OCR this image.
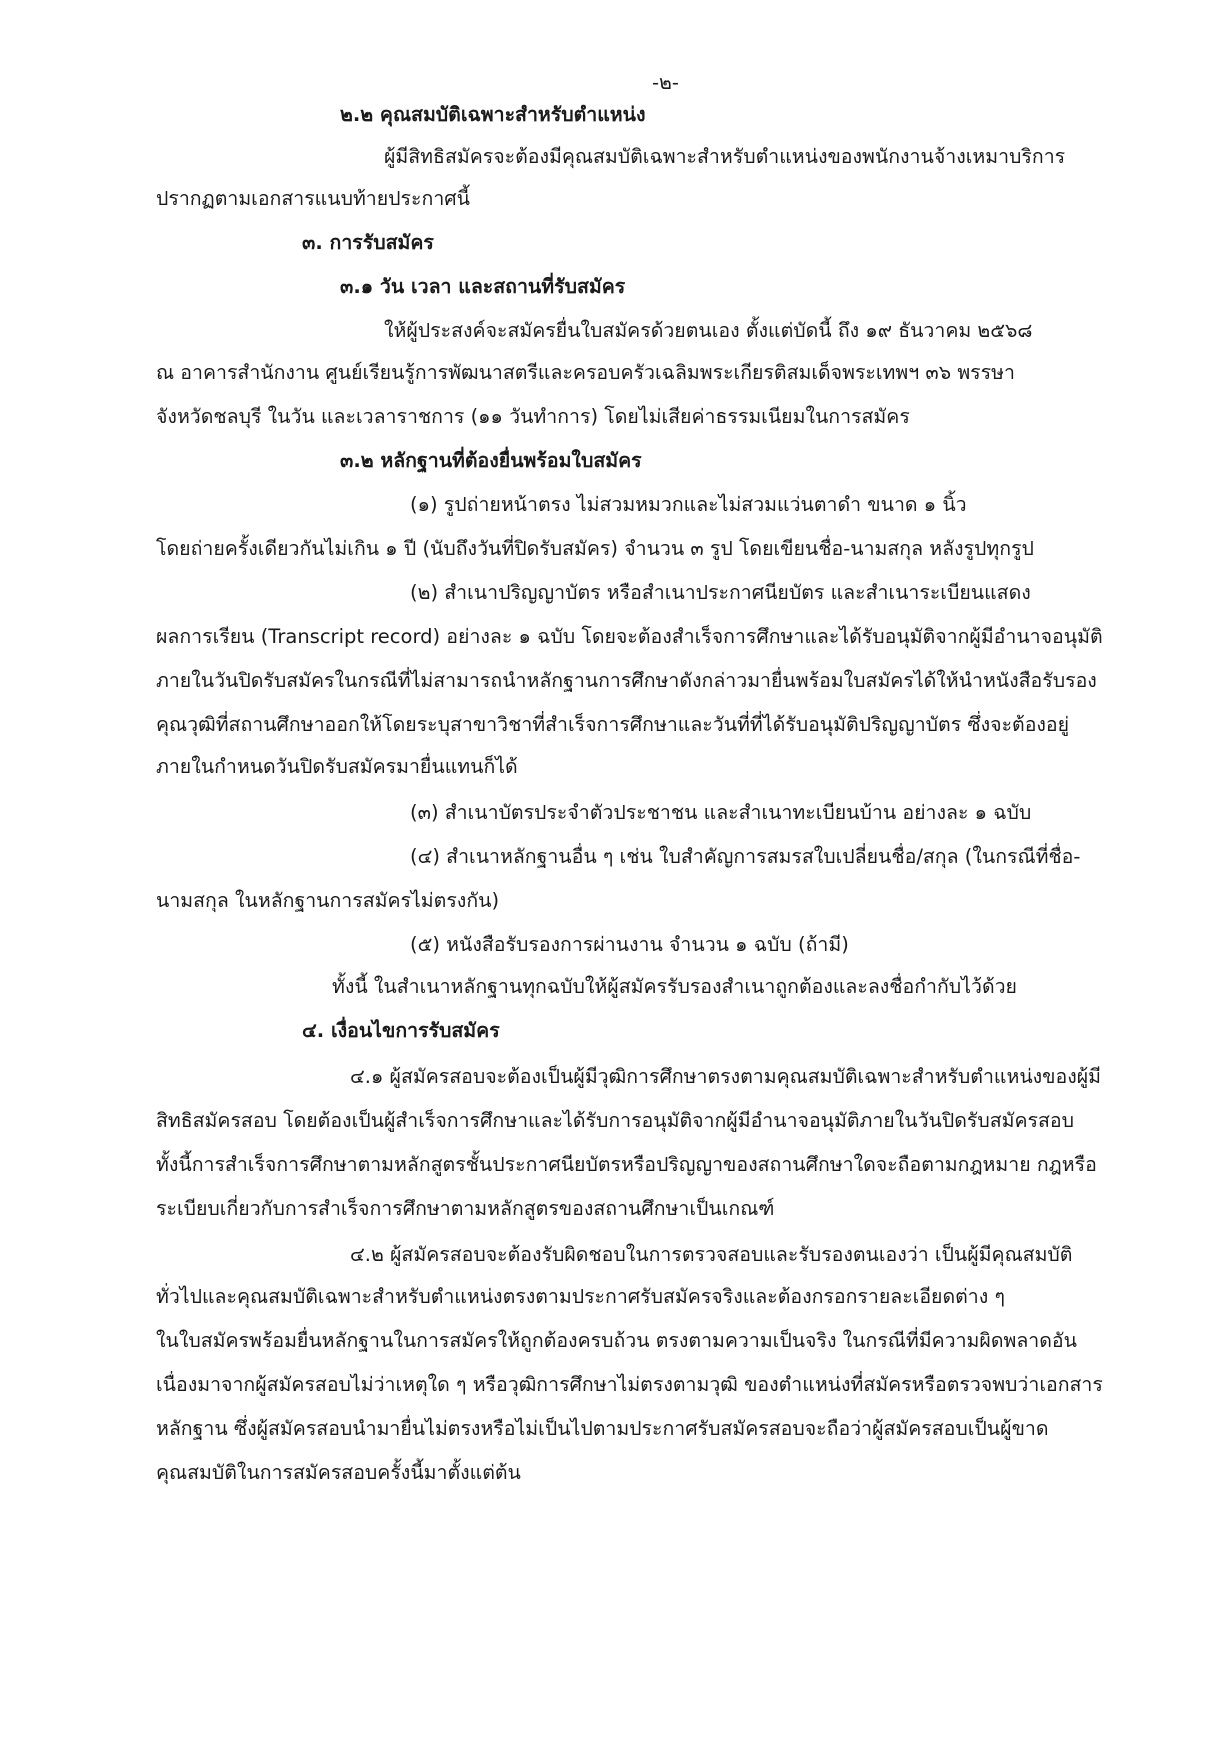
-๒-
๒.๒ คุณสมบัติเฉพาะสำหรับตำแหน่ง
ผู้มีสิทธิสมัครจะต้องมีคุณสมบัติเฉพาะสำหรับตำแหน่งของพนักงานจ้างเหมาบริการ
ปรากฏตามเอกสารแนบท้ายประกาศนี้
๓. การรับสมัคร
๓.๑ วัน เวลา และสถานที่รับสมัคร
ให้ผู้ประสงค์จะสมัครยื่นใบสมัครด้วยตนเอง ตั้งแต่บัดนี้ ถึง ๑๙ ธันวาคม ๒๕๖๘
ณ อาคารสำนักงาน ศูนย์เรียนรู้การพัฒนาสตรีและครอบครัวเฉลิมพระเกียรติสมเด็จพระเทพฯ ๓๖ พรรษา
จังหวัดชลบุรี ในวัน และเวลาราชการ (๑๑ วันทำการ) โดยไม่เสียค่าธรรมเนียมในการสมัคร
๓.๒ หลักฐานที่ต้องยื่นพร้อมใบสมัคร
(๑) รูปถ่ายหน้าตรง ไม่สวมหมวกและไม่สวมแว่นตาดำ ขนาด ๑ นิ้ว
โดยถ่ายครั้งเดียวกันไม่เกิน ๑ ปี (นับถึงวันที่ปิดรับสมัคร) จำนวน ๓ รูป โดยเขียนชื่อ-นามสกุล หลังรูปทุกรูป
(๒) สำเนาปริญญาบัตร หรือสำเนาประกาศนียบัตร และสำเนาระเบียนแสดง
ผลการเรียน (Transcript record) อย่างละ ๑ ฉบับ โดยจะต้องสำเร็จการศึกษาและได้รับอนุมัติจากผู้มีอำนาจอนุมัติ
ภายในวันปิดรับสมัครในกรณีที่ไม่สามารถนำหลักฐานการศึกษาดังกล่าวมายื่นพร้อมใบสมัครได้ให้นำหนังสือรับรอง
คุณวุฒิที่สถานศึกษาออกให้โดยระบุสาขาวิชาที่สำเร็จการศึกษาและวันที่ที่ได้รับอนุมัติปริญญาบัตร ซึ่งจะต้องอยู่
ภายในกำหนดวันปิดรับสมัครมายื่นแทนก็ได้
(๓) สำเนาบัตรประจำตัวประชาชน และสำเนาทะเบียนบ้าน อย่างละ ๑ ฉบับ
(๔) สำเนาหลักฐานอื่น ๆ เช่น ใบสำคัญการสมรสใบเปลี่ยนชื่อ/สกุล (ในกรณีที่ชื่อ-
นามสกุล ในหลักฐานการสมัครไม่ตรงกัน)
(๕) หนังสือรับรองการผ่านงาน จำนวน ๑ ฉบับ (ถ้ามี)
ทั้งนี้ ในสำเนาหลักฐานทุกฉบับให้ผู้สมัครรับรองสำเนาถูกต้องและลงชื่อกำกับไว้ด้วย
๔. เงื่อนไขการรับสมัคร
๔.๑ ผู้สมัครสอบจะต้องเป็นผู้มีวุฒิการศึกษาตรงตามคุณสมบัติเฉพาะสำหรับตำแหน่งของผู้มี
สิทธิสมัครสอบ โดยต้องเป็นผู้สำเร็จการศึกษาและได้รับการอนุมัติจากผู้มีอำนาจอนุมัติภายในวันปิดรับสมัครสอบ
ทั้งนี้การสำเร็จการศึกษาตามหลักสูตรชั้นประกาศนียบัตรหรือปริญญาของสถานศึกษาใดจะถือตามกฎหมาย กฎหรือ
ระเบียบเกี่ยวกับการสำเร็จการศึกษาตามหลักสูตรของสถานศึกษาเป็นเกณฑ์
๔.๒ ผู้สมัครสอบจะต้องรับผิดชอบในการตรวจสอบและรับรองตนเองว่า เป็นผู้มีคุณสมบัติ
ทั่วไปและคุณสมบัติเฉพาะสำหรับตำแหน่งตรงตามประกาศรับสมัครจริงและต้องกรอกรายละเอียดต่าง ๆ
ในใบสมัครพร้อมยื่นหลักฐานในการสมัครให้ถูกต้องครบถ้วน ตรงตามความเป็นจริง ในกรณีที่มีความผิดพลาดอัน
เนื่องมาจากผู้สมัครสอบไม่ว่าเหตุใด ๆ หรือวุฒิการศึกษาไม่ตรงตามวุฒิ ของตำแหน่งที่สมัครหรือตรวจพบว่าเอกสาร
หลักฐาน ซึ่งผู้สมัครสอบนำมายื่นไม่ตรงหรือไม่เป็นไปตามประกาศรับสมัครสอบจะถือว่าผู้สมัครสอบเป็นผู้ขาด
คุณสมบัติในการสมัครสอบครั้งนี้มาตั้งแต่ต้น
